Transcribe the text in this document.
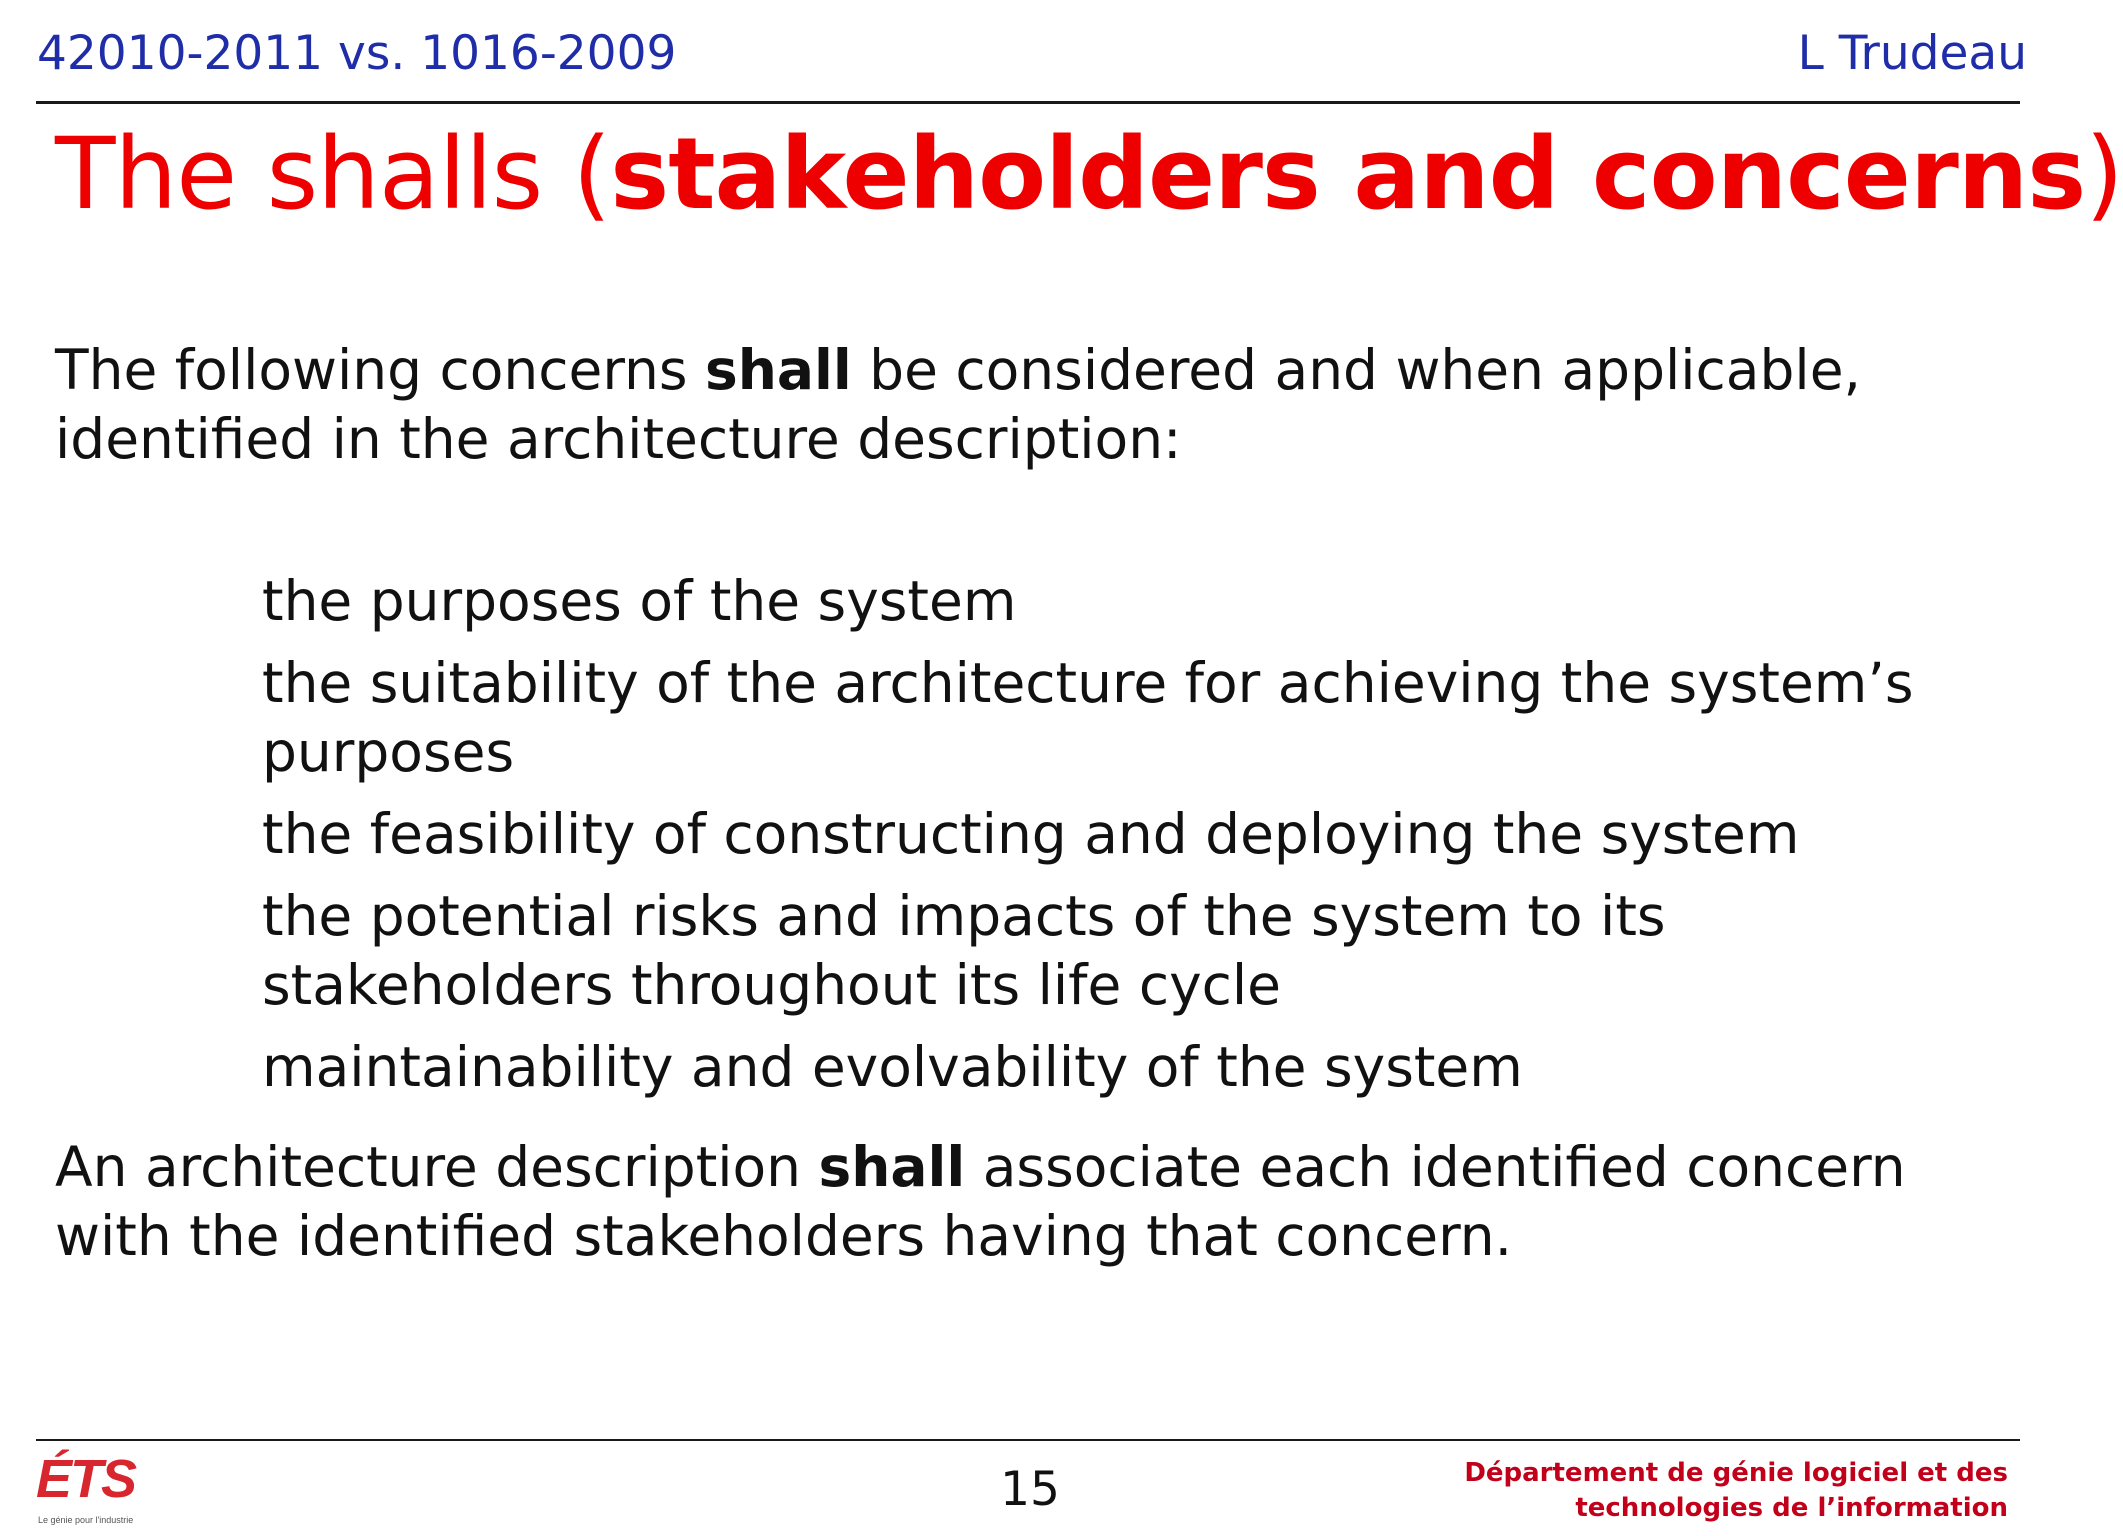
42010-2011 vs. 1016-2009	L Trudeau
The shalls (stakeholders and concerns)
The following concerns shall be considered and when applicable, identified in the architecture description:
the purposes of the system
the suitability of the architecture for achieving the system’s purposes
the feasibility of constructing and deploying the system
the potential risks and impacts of the system to its stakeholders throughout its life cycle
maintainability and evolvability of the system
An architecture description shall associate each identified concern with the identified stakeholders having that concern.
ÉTS
Le génie pour l'industrie
15	Département de génie logiciel et des
technologies de l’information
